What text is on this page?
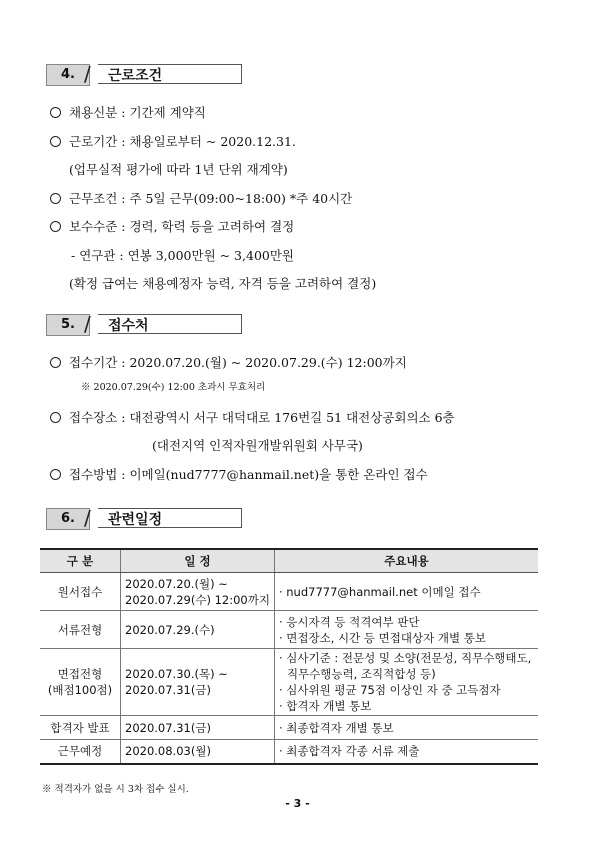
4. / 근로조건
채용신분 : 기간제 계약직
근로기간 : 채용일로부터 ~ 2020.12.31.
(업무실적 평가에 따라 1년 단위 재계약)
근무조건 : 주 5일 근무(09:00~18:00) *주 40시간
보수수준 : 경력, 학력 등을 고려하여 결정
- 연구관 : 연봉 3,000만원 ~ 3,400만원
(확정 급여는 채용예정자 능력, 자격 등을 고려하여 결정)
5. / 접수처
접수기간 : 2020.07.20.(월) ~ 2020.07.29.(수) 12:00까지
※ 2020.07.29(수) 12:00 초과시 무효처리
접수장소 : 대전광역시 서구 대덕대로 176번길 51 대전상공회의소 6층
(대전지역 인적자원개발위원회 사무국)
접수방법 : 이메일(nud7777@hanmail.net)을 통한 온라인 접수
6. / 관련일정
구 분	일 정	주요내용

원서접수	2020.07.20.(월) ~
2020.07.29(수) 12:00까지	· nud7777@hanmail.net 이메일 접수

서류전형	2020.07.29.(수)	· 응시자격 등 적격여부 판단
· 면접장소, 시간 등 면접대상자 개별 통보

면접전형
(배점100점)	2020.07.30.(목) ~
2020.07.31(금)	· 심사기준 : 전문성 및 소양(전문성, 직무수행태도, 직무수행능력, 조직적합성 등)
· 심사위원 평균 75점 이상인 자 중 고득점자
· 합격자 개별 통보

합격자 발표	2020.07.31(금)	· 최종합격자 개별 통보

근무예정	2020.08.03(월)	· 최종합격자 각종 서류 제출
※ 적격자가 없을 시 3차 접수 실시.
- 3 -
